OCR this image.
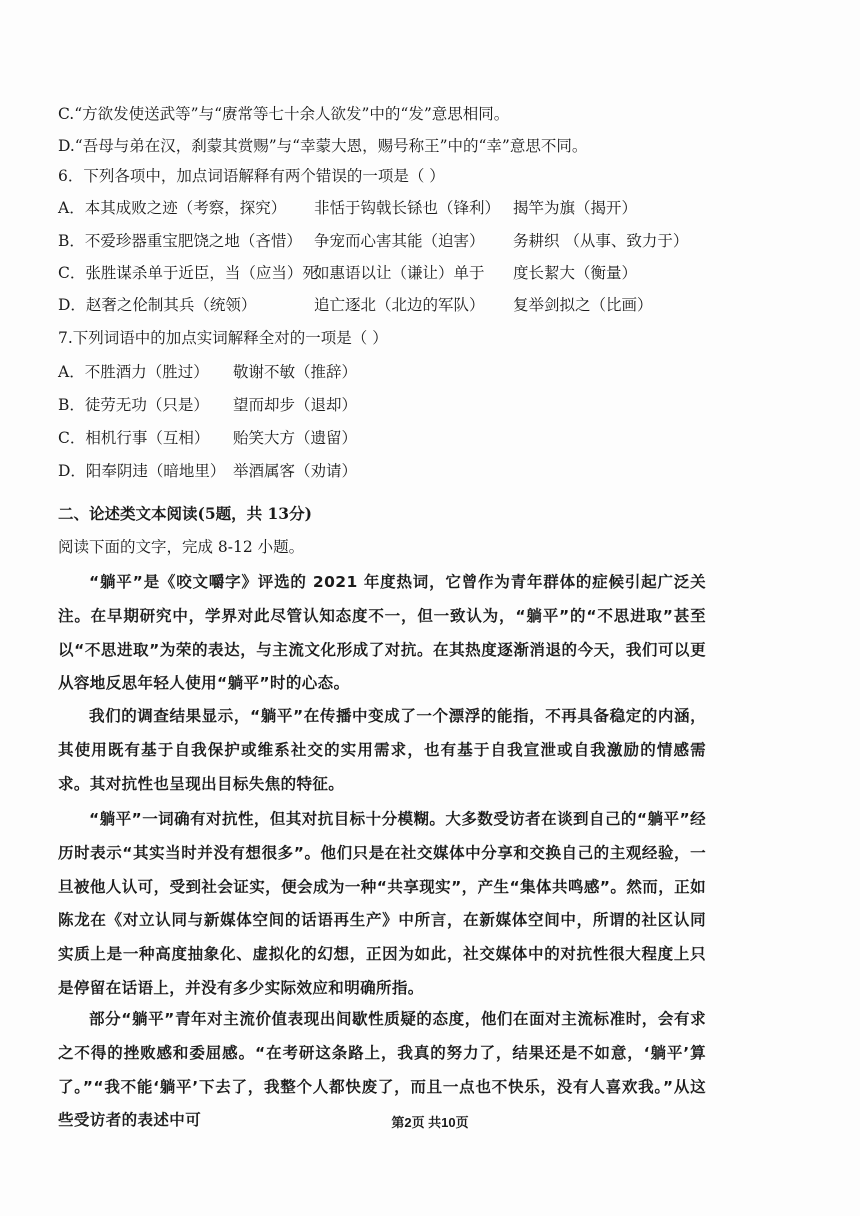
C.“方欲发使送武等”与“赓常等七十余人欲发”中的“发”意思相同。
D.“吾母与弟在汉，刹蒙其赏赐”与“幸蒙大恩，赐号称王”中的“幸”意思不同。
6．下列各项中，加点词语解释有两个错误的一项是（ ）
A．本其成败之迹（考察，探究） 非恬于钩戟长铩也（锋利） 揭竿为旗（揭开）
B．不爱珍器重宝肥饶之地（吝惜） 争宠而心害其能（迫害） 务耕织 （从事、致力于）
C．张胜谋杀单于近臣，当（应当）死
如惠语以让（谦让）单于 度长絜大（衡量）
D．赵奢之伦制其兵（统领）	追亡逐北（北边的军队） 复举剑拟之（比画）
7.下列词语中的加点实词解释全对的一项是（ ）
A．不胜酒力（胜过） 敬谢不敏（推辞）
B．徒劳无功（只是） 望而却步（退却）
C．相机行事（互相） 贻笑大方（遗留）
D．阳奉阴违（暗地里） 举酒属客（劝请）
二、论述类文本阅读(5题，共 13分)
阅读下面的文字，完成 8-12 小题。
“躺平”是《咬文嚼字》评选的 2021 年度热词，它曾作为青年群体的症候引起广泛关注。在早期研究中，学界对此尽管认知态度不一，但一致认为，“躺平”的“不思进取”甚至以“不思进取”为荣的表达，与主流文化形成了对抗。在其热度逐渐消退的今天，我们可以更从容地反思年轻人使用“躺平”时的心态。
我们的调查结果显示，“躺平”在传播中变成了一个漂浮的能指，不再具备稳定的内涵，其使用既有基于自我保护或维系社交的实用需求，也有基于自我宣泄或自我激励的情感需求。其对抗性也呈现出目标失焦的特征。
“躺平”一词确有对抗性，但其对抗目标十分模糊。大多数受访者在谈到自己的“躺平”经历时表示“其实当时并没有想很多”。他们只是在社交媒体中分享和交换自己的主观经验，一旦被他人认可，受到社会证实，便会成为一种“共享现实”，产生“集体共鸣感”。然而，正如陈龙在《对立认同与新媒体空间的话语再生产》中所言，在新媒体空间中，所谓的社区认同实质上是一种高度抽象化、虚拟化的幻想，正因为如此，社交媒体中的对抗性很大程度上只是停留在话语上，并没有多少实际效应和明确所指。
部分“躺平”青年对主流价值表现出间歇性质疑的态度，他们在面对主流标准时，会有求之不得的挫败感和委屈感。“在考研这条路上，我真的努力了，结果还是不如意，‘躺平’算了。”“我不能‘躺平’下去了，我整个人都快废了，而且一点也不快乐，没有人喜欢我。”从这些受访者的表述中可	第2页 共10页
